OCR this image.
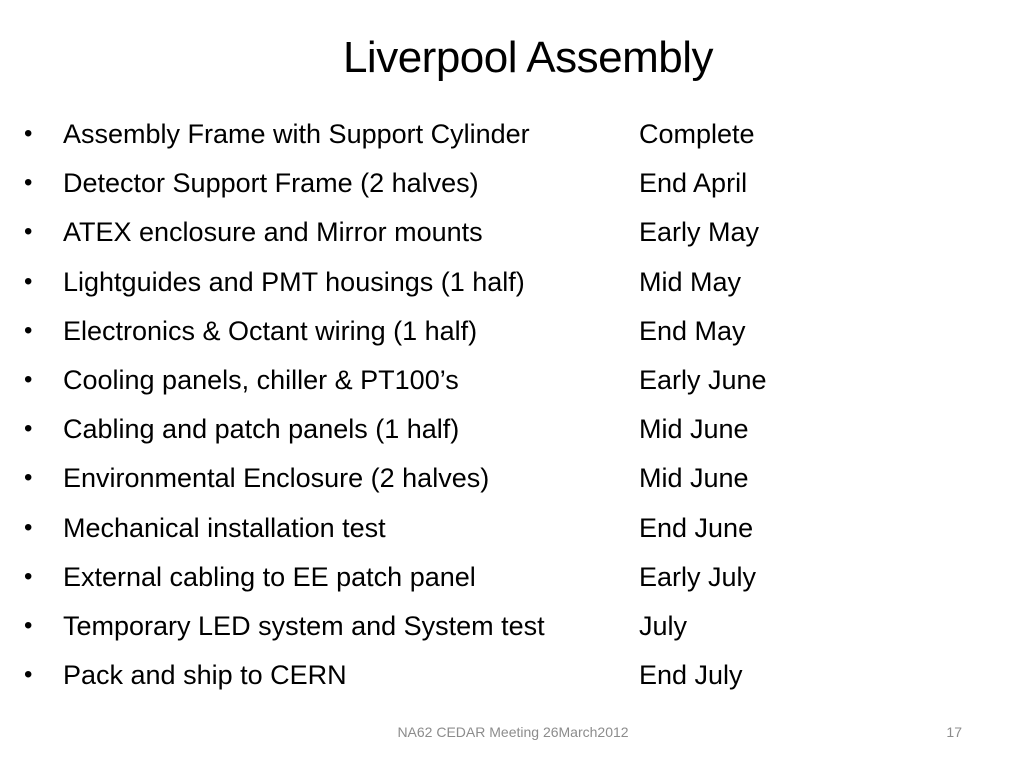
Liverpool Assembly
•	Assembly Frame with Support Cylinder	Complete
•	Detector Support Frame (2 halves)	End April
•	ATEX enclosure and Mirror mounts	Early May
•	Lightguides and PMT housings (1 half)	Mid May
•	Electronics & Octant wiring (1 half)	End May
•	Cooling panels, chiller & PT100’s	Early June
•	Cabling and patch panels (1 half)	Mid June
•	Environmental Enclosure (2 halves)	Mid June
•	Mechanical installation test	End June
•	External cabling to EE patch panel	Early July
•	Temporary LED system and System test	July
•	Pack and ship to CERN	End July
NA62 CEDAR Meeting 26March2012	17
